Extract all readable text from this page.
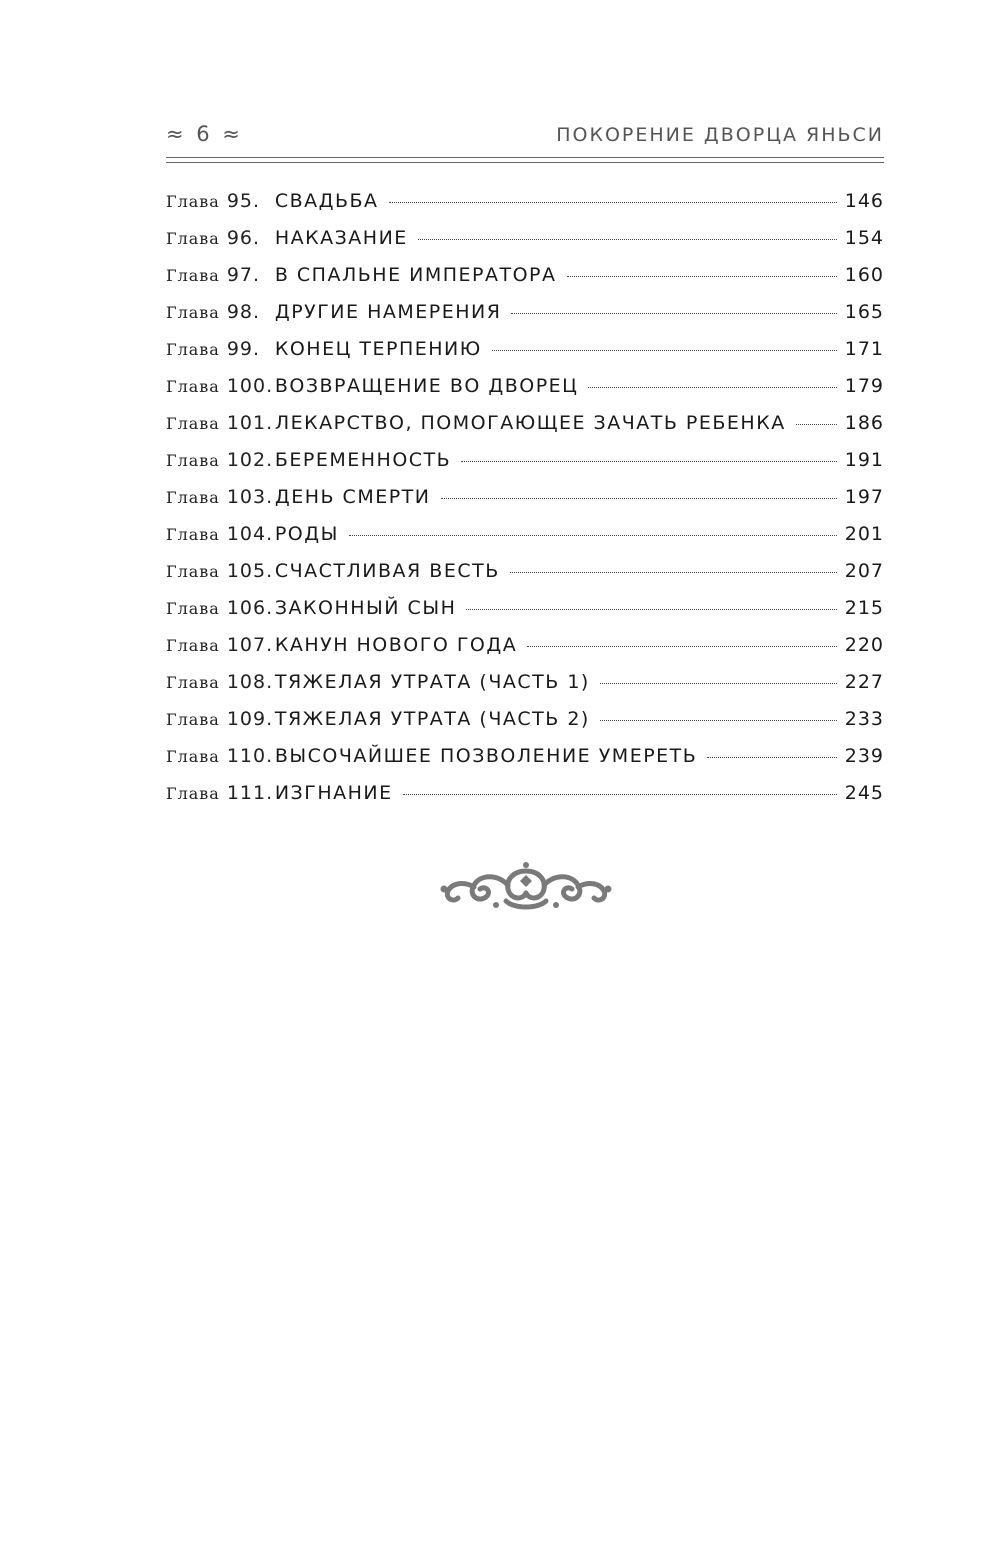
≈ 6 ≈	ПОКОРЕНИЕ ДВОРЦА ЯНЬСИ
Глава 95. СВАДЬБА	146
Глава 96. НАКАЗАНИЕ	154
Глава 97. В СПАЛЬНЕ ИМПЕРАТОРА	160
Глава 98. ДРУГИЕ НАМЕРЕНИЯ	165
Глава 99. КОНЕЦ ТЕРПЕНИЮ	171
Глава 100. ВОЗВРАЩЕНИЕ ВО ДВОРЕЦ	179
Глава 101. ЛЕКАРСТВО, ПОМОГАЮЩЕЕ ЗАЧАТЬ РЕБЕНКА	186
Глава 102. БЕРЕМЕННОСТЬ	191
Глава 103. ДЕНЬ СМЕРТИ	197
Глава 104. РОДЫ	201
Глава 105. СЧАСТЛИВАЯ ВЕСТЬ	207
Глава 106. ЗАКОННЫЙ СЫН	215
Глава 107. КАНУН НОВОГО ГОДА	220
Глава 108. ТЯЖЕЛАЯ УТРАТА (ЧАСТЬ 1)	227
Глава 109. ТЯЖЕЛАЯ УТРАТА (ЧАСТЬ 2)	233
Глава 110. ВЫСОЧАЙШЕЕ ПОЗВОЛЕНИЕ УМЕРЕТЬ	239
Глава 111. ИЗГНАНИЕ	245
